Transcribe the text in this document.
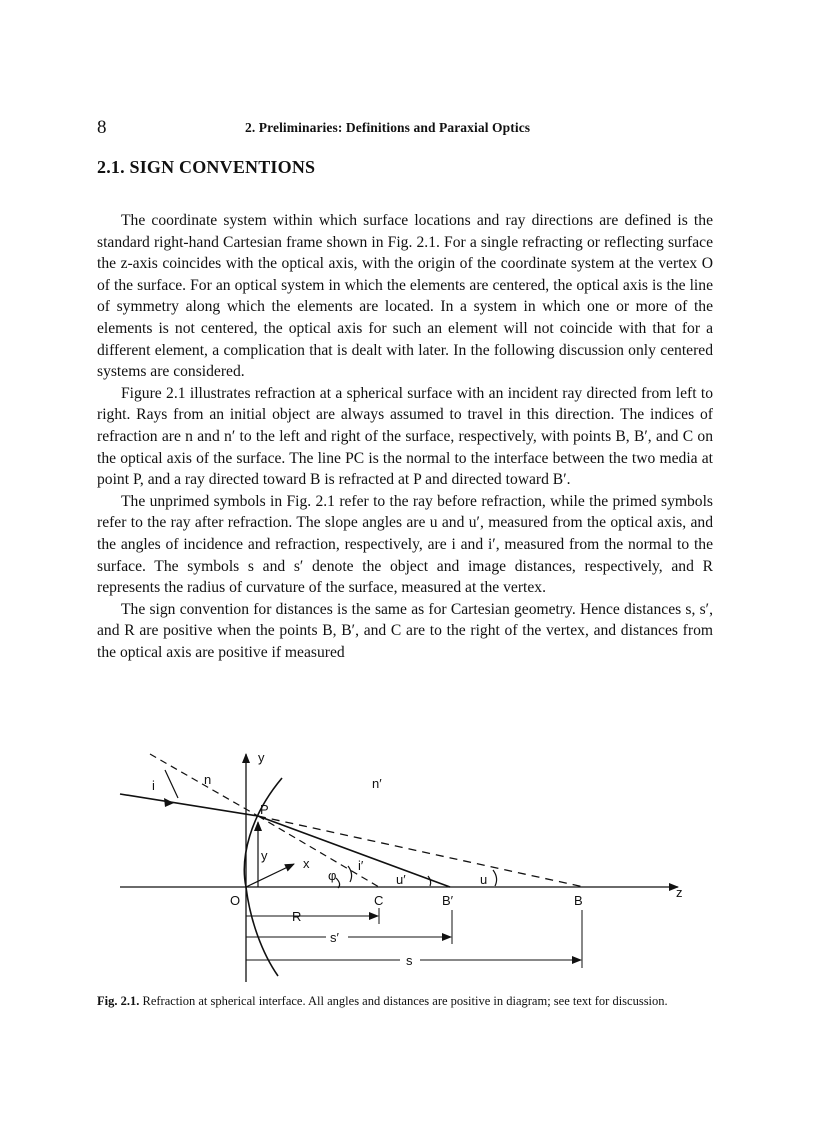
8	2. Preliminaries: Definitions and Paraxial Optics
2.1. SIGN CONVENTIONS

The coordinate system within which surface locations and ray directions are defined is the standard right-hand Cartesian frame shown in Fig. 2.1. For a single refracting or reflecting surface the z-axis coincides with the optical axis, with the origin of the coordinate system at the vertex O of the surface. For an optical system in which the elements are centered, the optical axis is the line of symmetry along which the elements are located. In a system in which one or more of the elements is not centered, the optical axis for such an element will not coincide with that for a different element, a complication that is dealt with later. In the following discussion only centered systems are considered.

Figure 2.1 illustrates refraction at a spherical surface with an incident ray directed from left to right. Rays from an initial object are always assumed to travel in this direction. The indices of refraction are n and n′ to the left and right of the surface, respectively, with points B, B′, and C on the optical axis of the surface. The line PC is the normal to the interface between the two media at point P, and a ray directed toward B is refracted at P and directed toward B′.

The unprimed symbols in Fig. 2.1 refer to the ray before refraction, while the primed symbols refer to the ray after refraction. The slope angles are u and u′, measured from the optical axis, and the angles of incidence and refraction, respectively, are i and i′, measured from the normal to the surface. The symbols s and s′ denote the object and image distances, respectively, and R represents the radius of curvature of the surface, measured at the vertex.

The sign convention for distances is the same as for Cartesian geometry. Hence distances s, s′, and R are positive when the points B, B′, and C are to the right of the vertex, and distances from the optical axis are positive if measured

y
n	n′
i
P
y
x	i′
φ	u′	u
z
O	C	B′	B
R
s′
s
Fig. 2.1. Refraction at spherical interface. All angles and distances are positive in diagram; see text for discussion.
